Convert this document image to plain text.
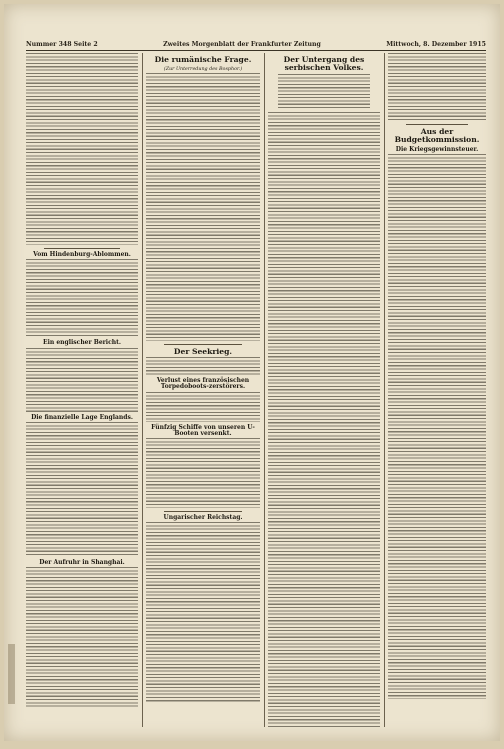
Nummer 348 Seite 2	Zweites Morgenblatt der Frankfurter Zeitung	Mittwoch, 8. Dezember 1915
Vom Hindenburg-Ablommen.
Ein englischer Bericht.
Die finanzielle Lage Englands.
Der Aufruhr in Shanghai.
Die rumänische Frage.
(Zur Unterredung des Bosphor.)
Der Seekrieg.
Verlust eines französischen Torpedoboots-zerstörers.
Fünfzig Schiffe von unseren U-Booten versenkt.
Ungarischer Reichstag.
Der Untergang des serbischen Volkes.
Aus der Budgetkommission.
Die Kriegsgewinnsteuer.
